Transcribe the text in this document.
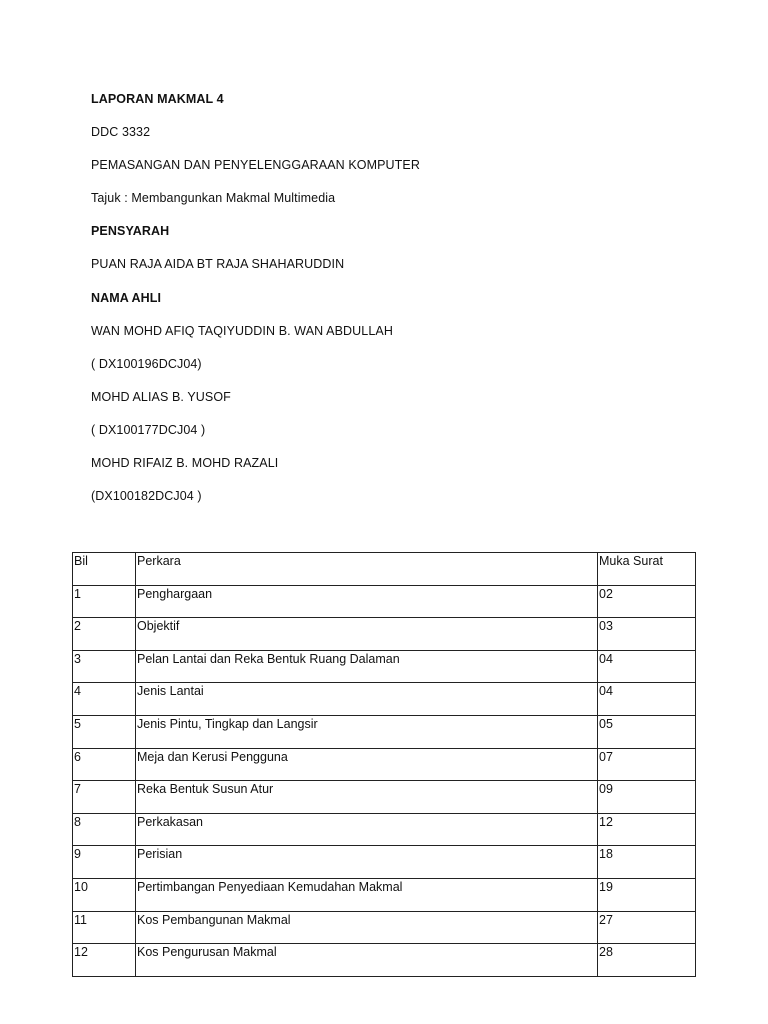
LAPORAN MAKMAL 4
DDC 3332
PEMASANGAN DAN PENYELENGGARAAN KOMPUTER
Tajuk : Membangunkan Makmal Multimedia
PENSYARAH
PUAN RAJA AIDA BT RAJA SHAHARUDDIN
NAMA AHLI
WAN MOHD AFIQ TAQIYUDDIN B. WAN ABDULLAH
( DX100196DCJ04)
MOHD ALIAS B. YUSOF
( DX100177DCJ04 )
MOHD RIFAIZ B. MOHD RAZALI
(DX100182DCJ04 )
Bil	Perkara	Muka Surat
1	Penghargaan	02
2	Objektif	03
3	Pelan Lantai dan Reka Bentuk Ruang Dalaman	04
4	Jenis Lantai	04
5	Jenis Pintu, Tingkap dan Langsir	05
6	Meja dan Kerusi Pengguna	07
7	Reka Bentuk Susun Atur	09
8	Perkakasan	12
9	Perisian	18
10	Pertimbangan Penyediaan Kemudahan Makmal	19
11	Kos Pembangunan Makmal	27
12	Kos Pengurusan Makmal	28
